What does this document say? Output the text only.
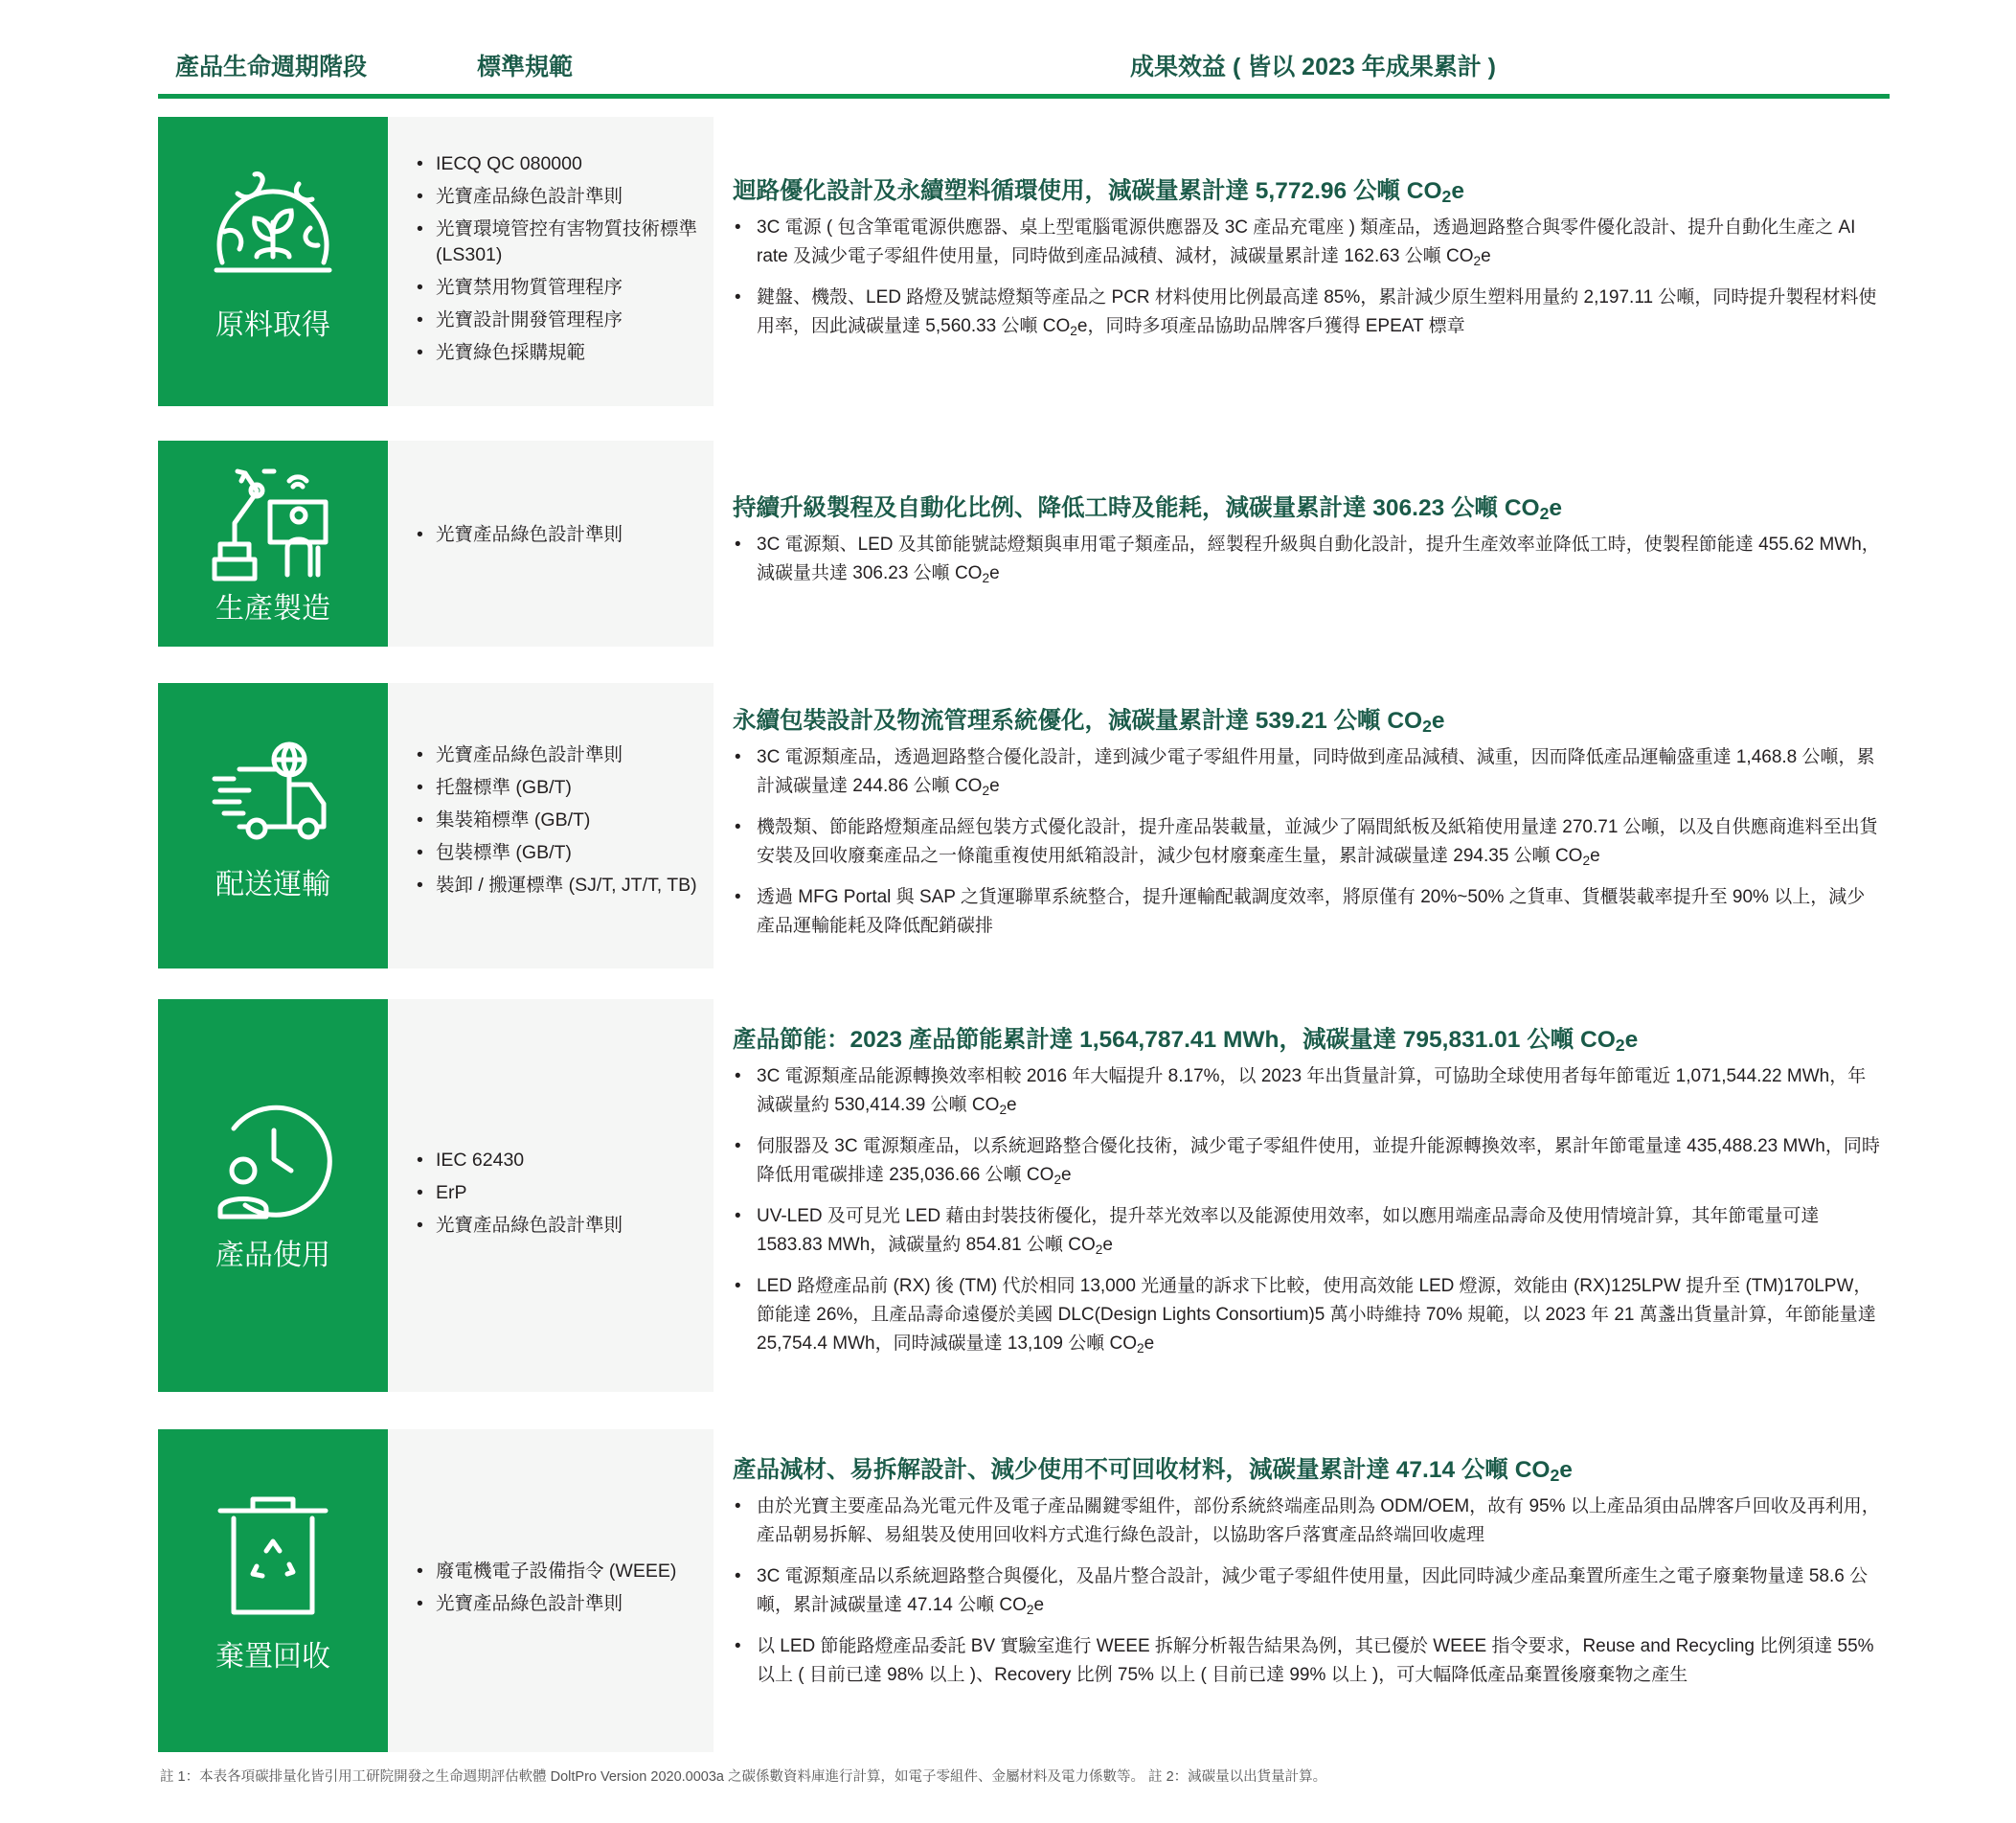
產品生命週期階段	標準規範	成果效益 ( 皆以 2023 年成果累計 )
原料取得
• IECQ QC 080000
• 光寶產品綠色設計準則
• 光寶環境管控有害物質技術標準 (LS301)
• 光寶禁用物質管理程序
• 光寶設計開發管理程序
• 光寶綠色採購規範
迴路優化設計及永續塑料循環使用，減碳量累計達 5,772.96 公噸 CO2e
• 3C 電源 ( 包含筆電電源供應器、桌上型電腦電源供應器及 3C 產品充電座 ) 類產品，透過迴路整合與零件優化設計、提升自動化生產之 AI rate 及減少電子零組件使用量，同時做到產品減積、減材，減碳量累計達 162.63 公噸 $CO_2e$
• 鍵盤、機殼、LED 路燈及號誌燈類等產品之 PCR 材料使用比例最高達 85%，累計減少原生塑料用量約 2,197.11 公噸，同時提升製程材料使用率，因此減碳量達 5,560.33 公噸 $CO_2e$，同時多項產品協助品牌客戶獲得 EPEAT 標章
生產製造
• 光寶產品綠色設計準則
持續升級製程及自動化比例、降低工時及能耗，減碳量累計達 306.23 公噸 CO2e
• 3C 電源類、LED 及其節能號誌燈類與車用電子類產品，經製程升級與自動化設計，提升生產效率並降低工時，使製程節能達 455.62 MWh，減碳量共達 306.23 公噸 $CO_2e$
配送運輸
• 光寶產品綠色設計準則
• 托盤標準 (GB/T)
• 集裝箱標準 (GB/T)
• 包裝標準 (GB/T)
• 裝卸 / 搬運標準 (SJ/T, JT/T, TB)
永續包裝設計及物流管理系統優化，減碳量累計達 539.21 公噸 CO2e
• 3C 電源類產品，透過迴路整合優化設計，達到減少電子零組件用量，同時做到產品減積、減重，因而降低產品運輸盛重達 1,468.8 公噸，累計減碳量達 244.86 公噸 $CO_2e$
• 機殼類、節能路燈類產品經包裝方式優化設計，提升產品裝載量，並減少了隔間紙板及紙箱使用量達 270.71 公噸，以及自供應商進料至出貨安裝及回收廢棄產品之一條龍重複使用紙箱設計，減少包材廢棄產生量，累計減碳量達 294.35 公噸 $CO_2e$
• 透過 MFG Portal 與 SAP 之貨運聯單系統整合，提升運輸配載調度效率，將原僅有 20%~50% 之貨車、貨櫃裝載率提升至 90% 以上，減少產品運輸能耗及降低配銷碳排
產品使用
• IEC 62430
• ErP
• 光寶產品綠色設計準則
產品節能：2023 產品節能累計達 1,564,787.41 MWh，減碳量達 795,831.01 公噸 CO2e
• 3C 電源類產品能源轉換效率相較 2016 年大幅提升 8.17%，以 2023 年出貨量計算，可協助全球使用者每年節電近 1,071,544.22 MWh，年減碳量約 530,414.39 公噸 $CO_2e$
• 伺服器及 3C 電源類產品，以系統迴路整合優化技術，減少電子零組件使用，並提升能源轉換效率，累計年節電量達 435,488.23 MWh，同時降低用電碳排達 235,036.66 公噸 $CO_2e$
• UV-LED 及可見光 LED 藉由封裝技術優化，提升萃光效率以及能源使用效率，如以應用端產品壽命及使用情境計算，其年節電量可達 1583.83 MWh，減碳量約 854.81 公噸 $CO_2e$
• LED 路燈產品前 (RX) 後 (TM) 代於相同 13,000 光通量的訴求下比較，使用高效能 LED 燈源，效能由 (RX)125LPW 提升至 (TM)170LPW，節能達 26%，且產品壽命遠優於美國 DLC(Design Lights Consortium)5 萬小時維持 70% 規範，以 2023 年 21 萬盞出貨量計算，年節能量達 25,754.4 MWh，同時減碳量達 13,109 公噸 $CO_2e$
棄置回收
• 廢電機電子設備指令 (WEEE)
• 光寶產品綠色設計準則
產品減材、易拆解設計、減少使用不可回收材料，減碳量累計達 47.14 公噸 CO2e
• 由於光寶主要產品為光電元件及電子產品關鍵零組件，部份系統終端產品則為 ODM/OEM，故有 95% 以上產品須由品牌客戶回收及再利用，產品朝易拆解、易組裝及使用回收料方式進行綠色設計，以協助客戶落實產品終端回收處理
• 3C 電源類產品以系統迴路整合與優化，及晶片整合設計，減少電子零組件使用量，因此同時減少產品棄置所產生之電子廢棄物量達 58.6 公噸，累計減碳量達 47.14 公噸 $CO_2e$
• 以 LED 節能路燈產品委託 BV 實驗室進行 WEEE 拆解分析報告結果為例，其已優於 WEEE 指令要求，Reuse and Recycling 比例須達 55% 以上 ( 目前已達 98% 以上 )、Recovery 比例 75% 以上 ( 目前已達 99% 以上 )，可大幅降低產品棄置後廢棄物之產生
註 1：本表各項碳排量化皆引用工研院開發之生命週期評估軟體 DoltPro Version 2020.0003a 之碳係數資料庫進行計算，如電子零組件、金屬材料及電力係數等。 註 2：減碳量以出貨量計算。
